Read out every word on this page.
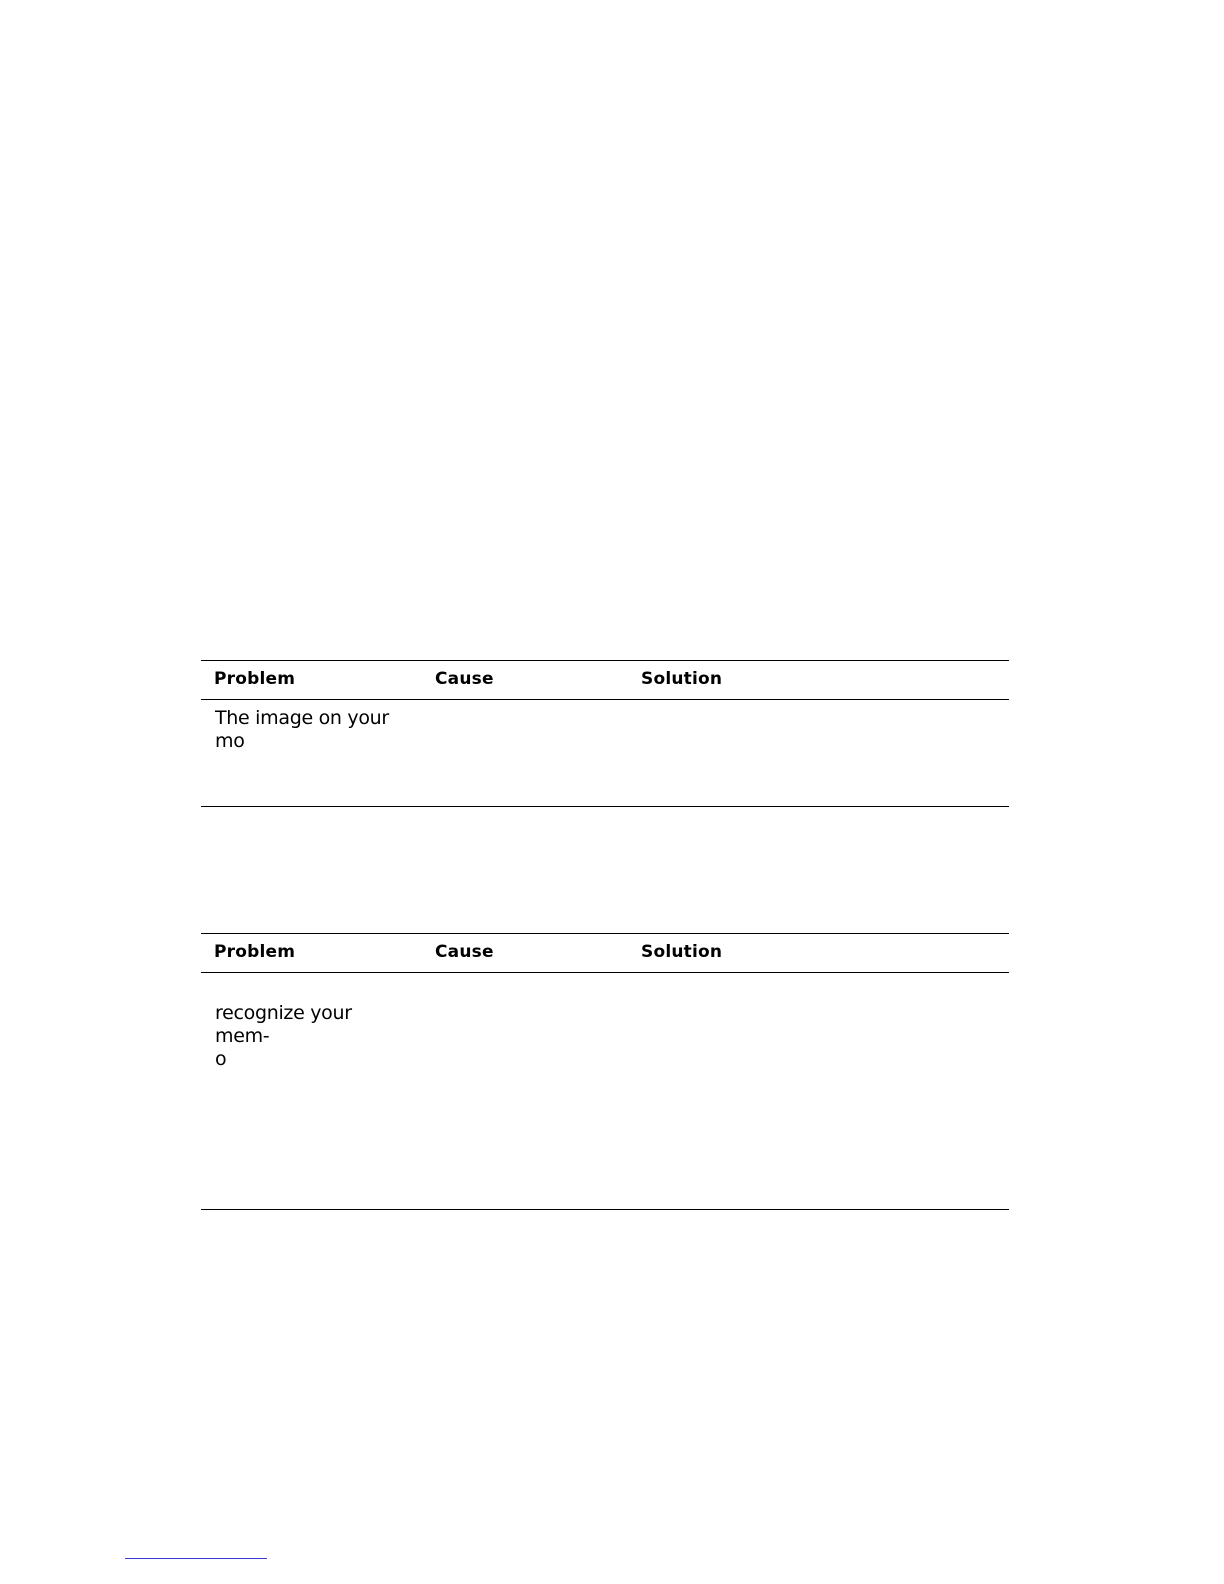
Problem	Cause	Solution
The image on your
mo
Problem	Cause	Solution
recognize your mem-
o
